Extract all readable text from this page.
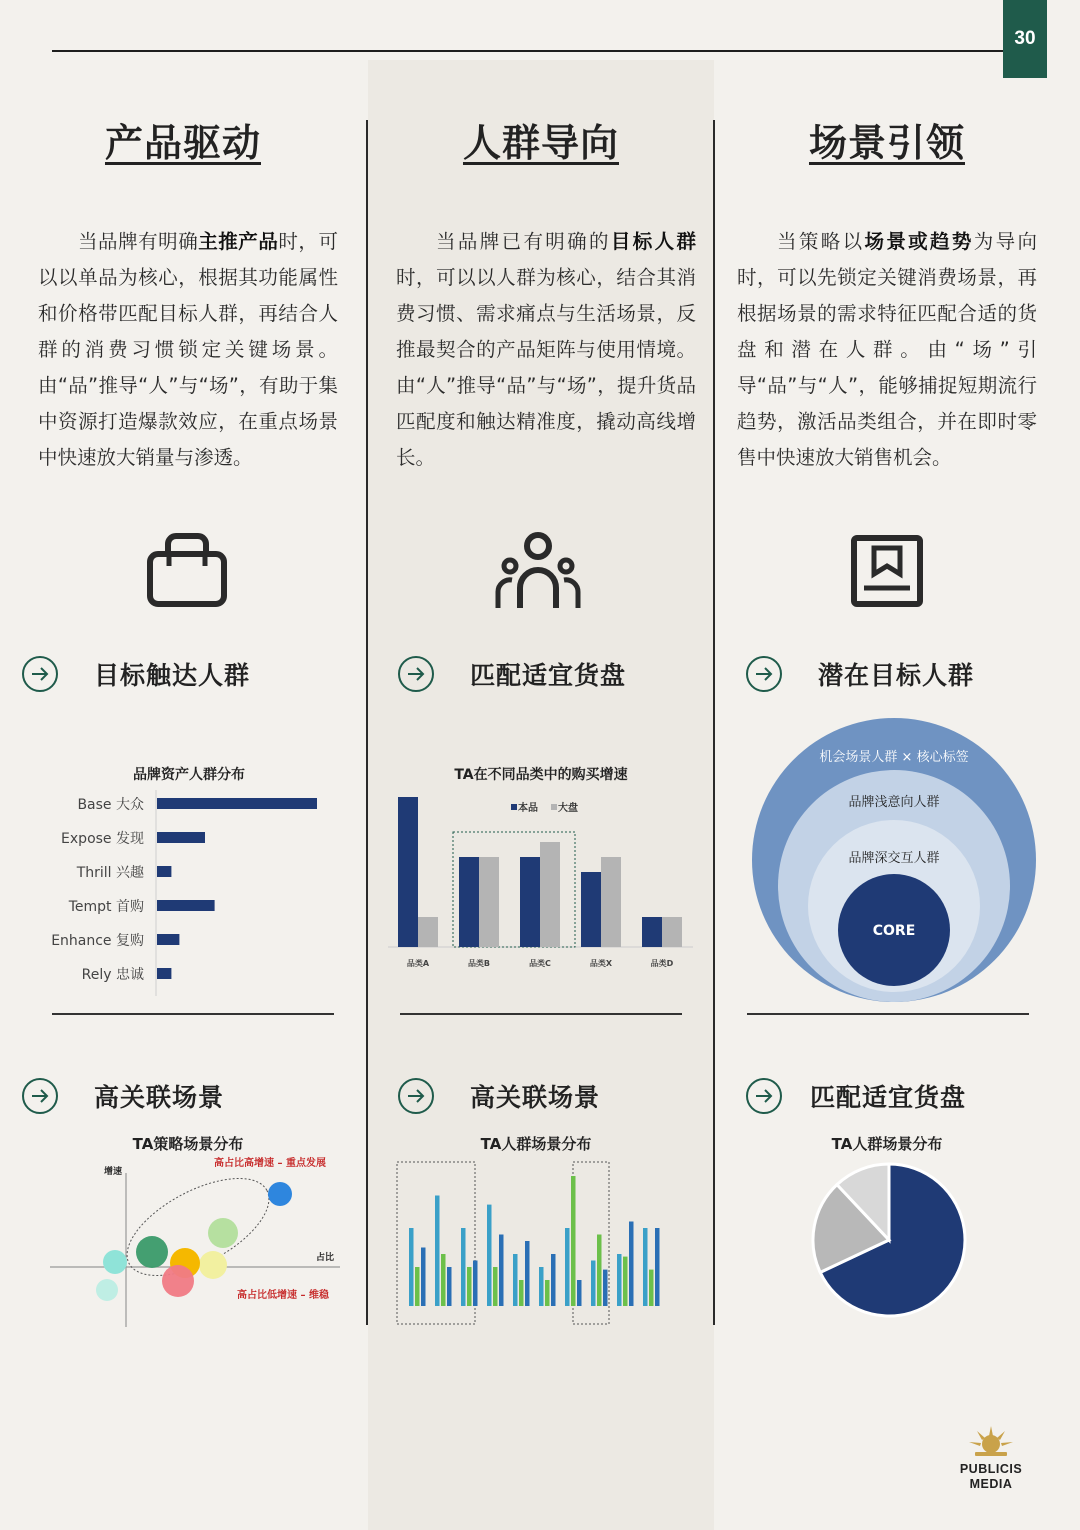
30
产品驱动
当品牌有明确主推产品时，可以以单品为核心，根据其功能属性和价格带匹配目标人群，再结合人群的消费习惯锁定关键场景。由“品”推导“人”与“场”，有助于集中资源打造爆款效应，在重点场景中快速放大销量与渗透。
目标触达人群
品牌资产人群分布
Base 大众
Expose 发现
Thrill 兴趣
Tempt 首购
Enhance 复购
Rely 忠诚
高关联场景
TA策略场景分布
增速
占比
高占比高增速 – 重点发展
高占比低增速 – 维稳
人群导向
当品牌已有明确的目标人群时，可以以人群为核心，结合其消费习惯、需求痛点与生活场景，反推最契合的产品矩阵与使用情境。由“人”推导“品”与“场”，提升货品匹配度和触达精准度，撬动高线增长。
匹配适宜货盘
TA在不同品类中的购买增速
本品 大盘
品类A	品类B	品类C	品类X	品类D
高关联场景
TA人群场景分布
场景引领
当策略以场景或趋势为导向时，可以先锁定关键消费场景，再根据场景的需求特征匹配合适的货盘和潜在人群。由“场”引导“品”与“人”，能够捕捉短期流行趋势，激活品类组合，并在即时零售中快速放大销售机会。
潜在目标人群
机会场景人群 × 核心标签
品牌浅意向人群
品牌深交互人群
CORE
匹配适宜货盘
TA人群场景分布
PUBLICIS
MEDIA
